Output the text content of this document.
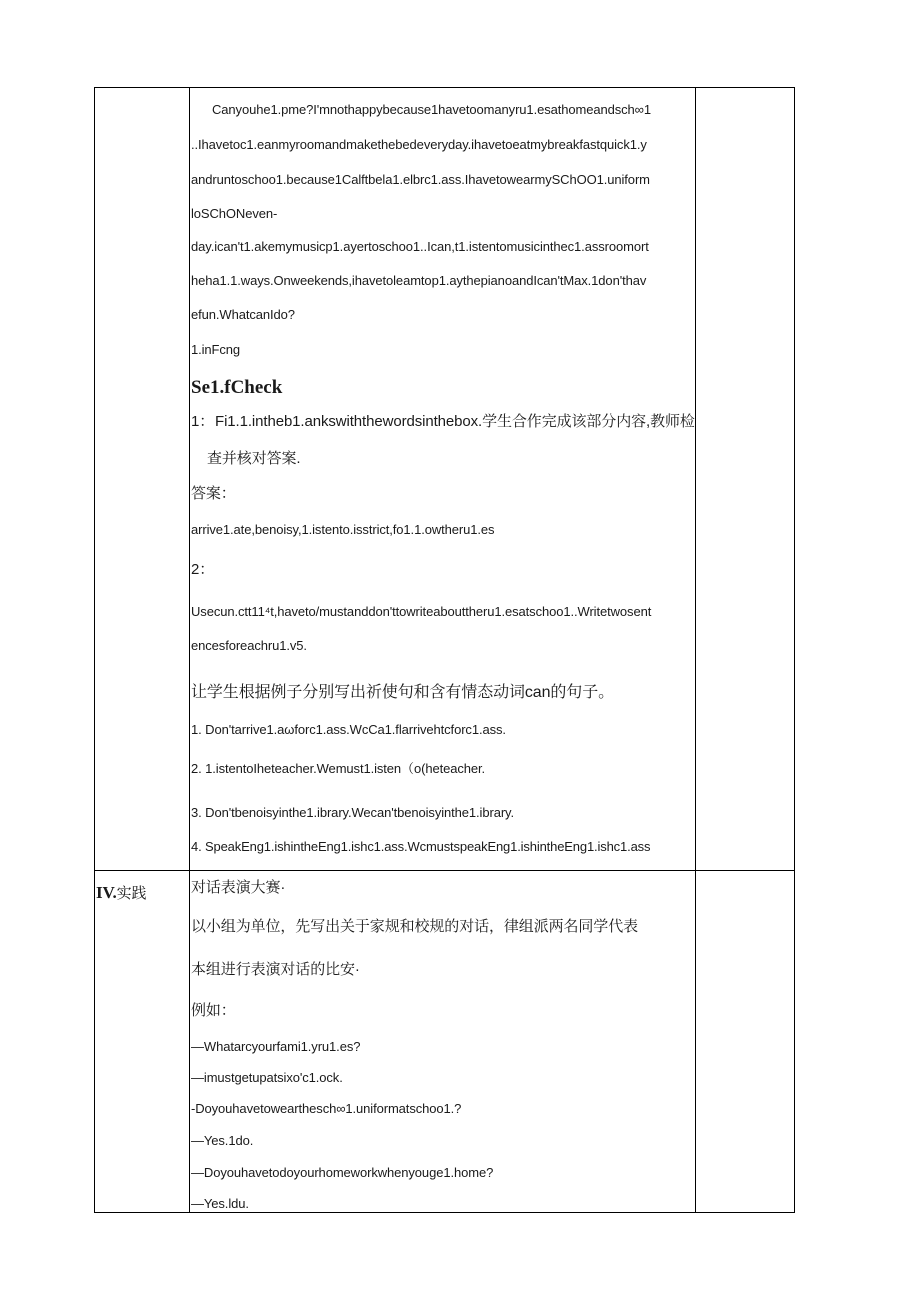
Canyouhe1.pme?I'mnothappybecause1havetoomanyru1.esathomeandsch∞1
..Ihavetoc1.eanmyroomandmakethebedeveryday.ihavetoeatmybreakfastquick1.y
andruntoschoo1.because1Calftbela1.elbrc1.ass.IhavetowearmySChOO1.uniform
loSChONeven-
day.ican't1.akemymusicp1.ayertoschoo1..Ican,t1.istentomusicinthec1.assroomort
heha1.1.ways.Onweekends,ihavetoleamtop1.aythepianoandIcan'tMax.1don'thav
efun.WhatcanIdo?
1.inFcng
Se1.fCheck
1： Fi1.1.intheb1.ankswiththewordsinthebox.学生合作完成该部分内容,教师检
查并核对答案.
答案：
arrive1.ate,benoisy,1.istento.isstrict,fo1.1.owtheru1.es
2：
Usecun.ctt11⁴t,haveto/mustanddon'ttowriteabouttheru1.esatschoo1..Writetwosent
encesforeachru1.v5.
让学生根据例子分别写出祈使句和含有情态动词can的句子。
1. Don'tarrive1.aωforc1.ass.WcCa1.flarrivehtcforc1.ass.
2. 1.istentoIheteacher.Wemust1.isten（o(heteacher.
3. Don'tbenoisyinthe1.ibrary.Wecan'tbenoisyinthe1.ibrary.
4. SpeakEng1.ishintheEng1.ishc1.ass.WcmustspeakEng1.ishintheEng1.ishc1.ass
IV.实践	对话表演大赛·
以小组为单位，先写出关于家规和校规的对话，律组派两名同学代表
本组进行表演对话的比安·
例如：
—Whatarcyourfami1.yru1.es?
—imustgetupatsixo'c1.ock.
-Doyouhavetowearthesch∞1.uniformatschoo1.?
—Yes.1do.
—Doyouhavetodoyourhomeworkwhenyouge1.home?
—Yes.ldu.
